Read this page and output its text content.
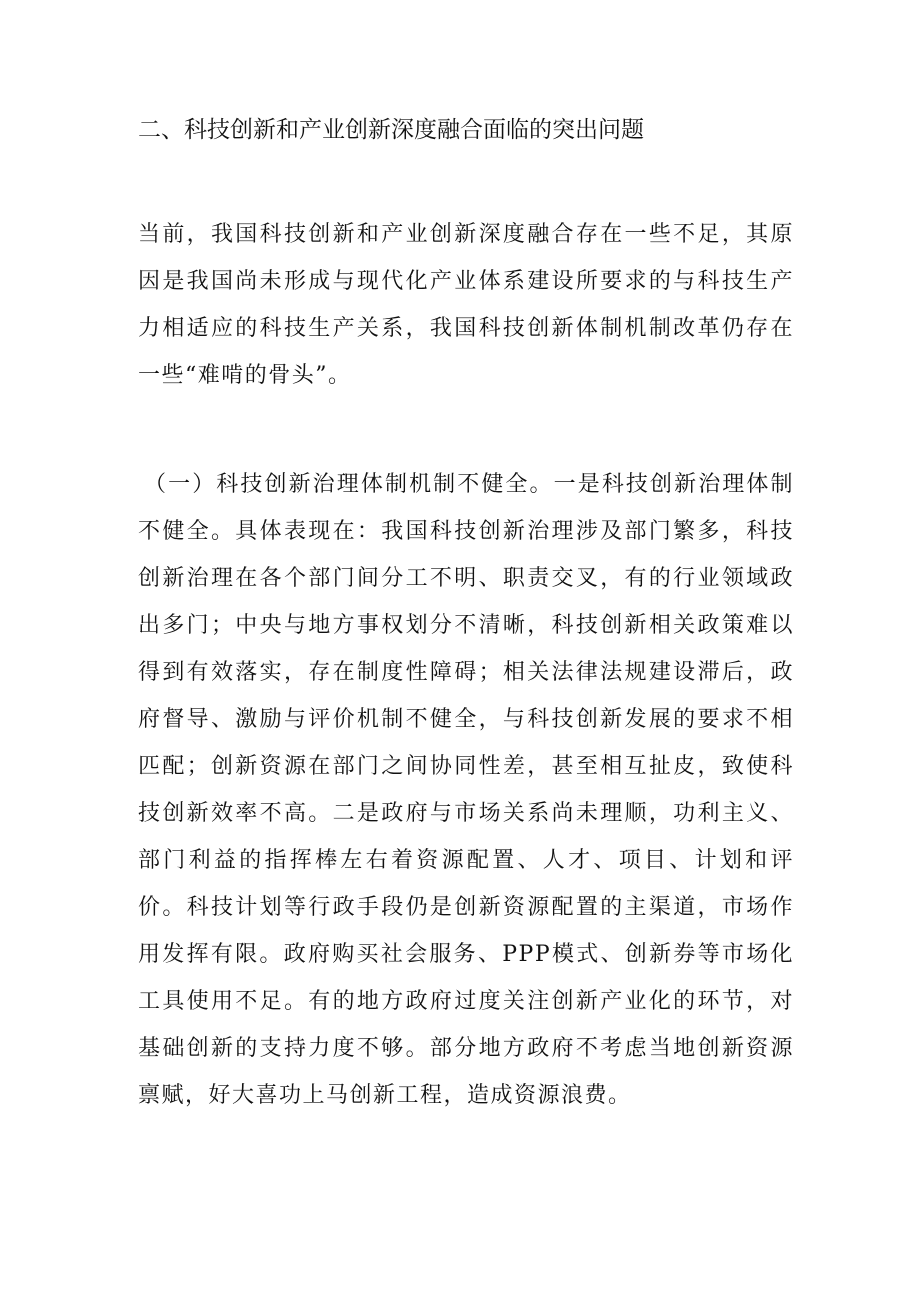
二、科技创新和产业创新深度融合面临的突出问题

当前，我国科技创新和产业创新深度融合存在一些不足，其原因是我国尚未形成与现代化产业体系建设所要求的与科技生产力相适应的科技生产关系，我国科技创新体制机制改革仍存在一些“难啃的骨头”。

（一）科技创新治理体制机制不健全。一是科技创新治理体制不健全。具体表现在：我国科技创新治理涉及部门繁多，科技创新治理在各个部门间分工不明、职责交叉，有的行业领域政出多门；中央与地方事权划分不清晰，科技创新相关政策难以得到有效落实，存在制度性障碍；相关法律法规建设滞后，政府督导、激励与评价机制不健全，与科技创新发展的要求不相匹配；创新资源在部门之间协同性差，甚至相互扯皮，致使科技创新效率不高。二是政府与市场关系尚未理顺，功利主义、部门利益的指挥棒左右着资源配置、人才、项目、计划和评价。科技计划等行政手段仍是创新资源配置的主渠道，市场作用发挥有限。政府购买社会服务、PPP模式、创新券等市场化工具使用不足。有的地方政府过度关注创新产业化的环节，对基础创新的支持力度不够。部分地方政府不考虑当地创新资源禀赋，好大喜功上马创新工程，造成资源浪费。
